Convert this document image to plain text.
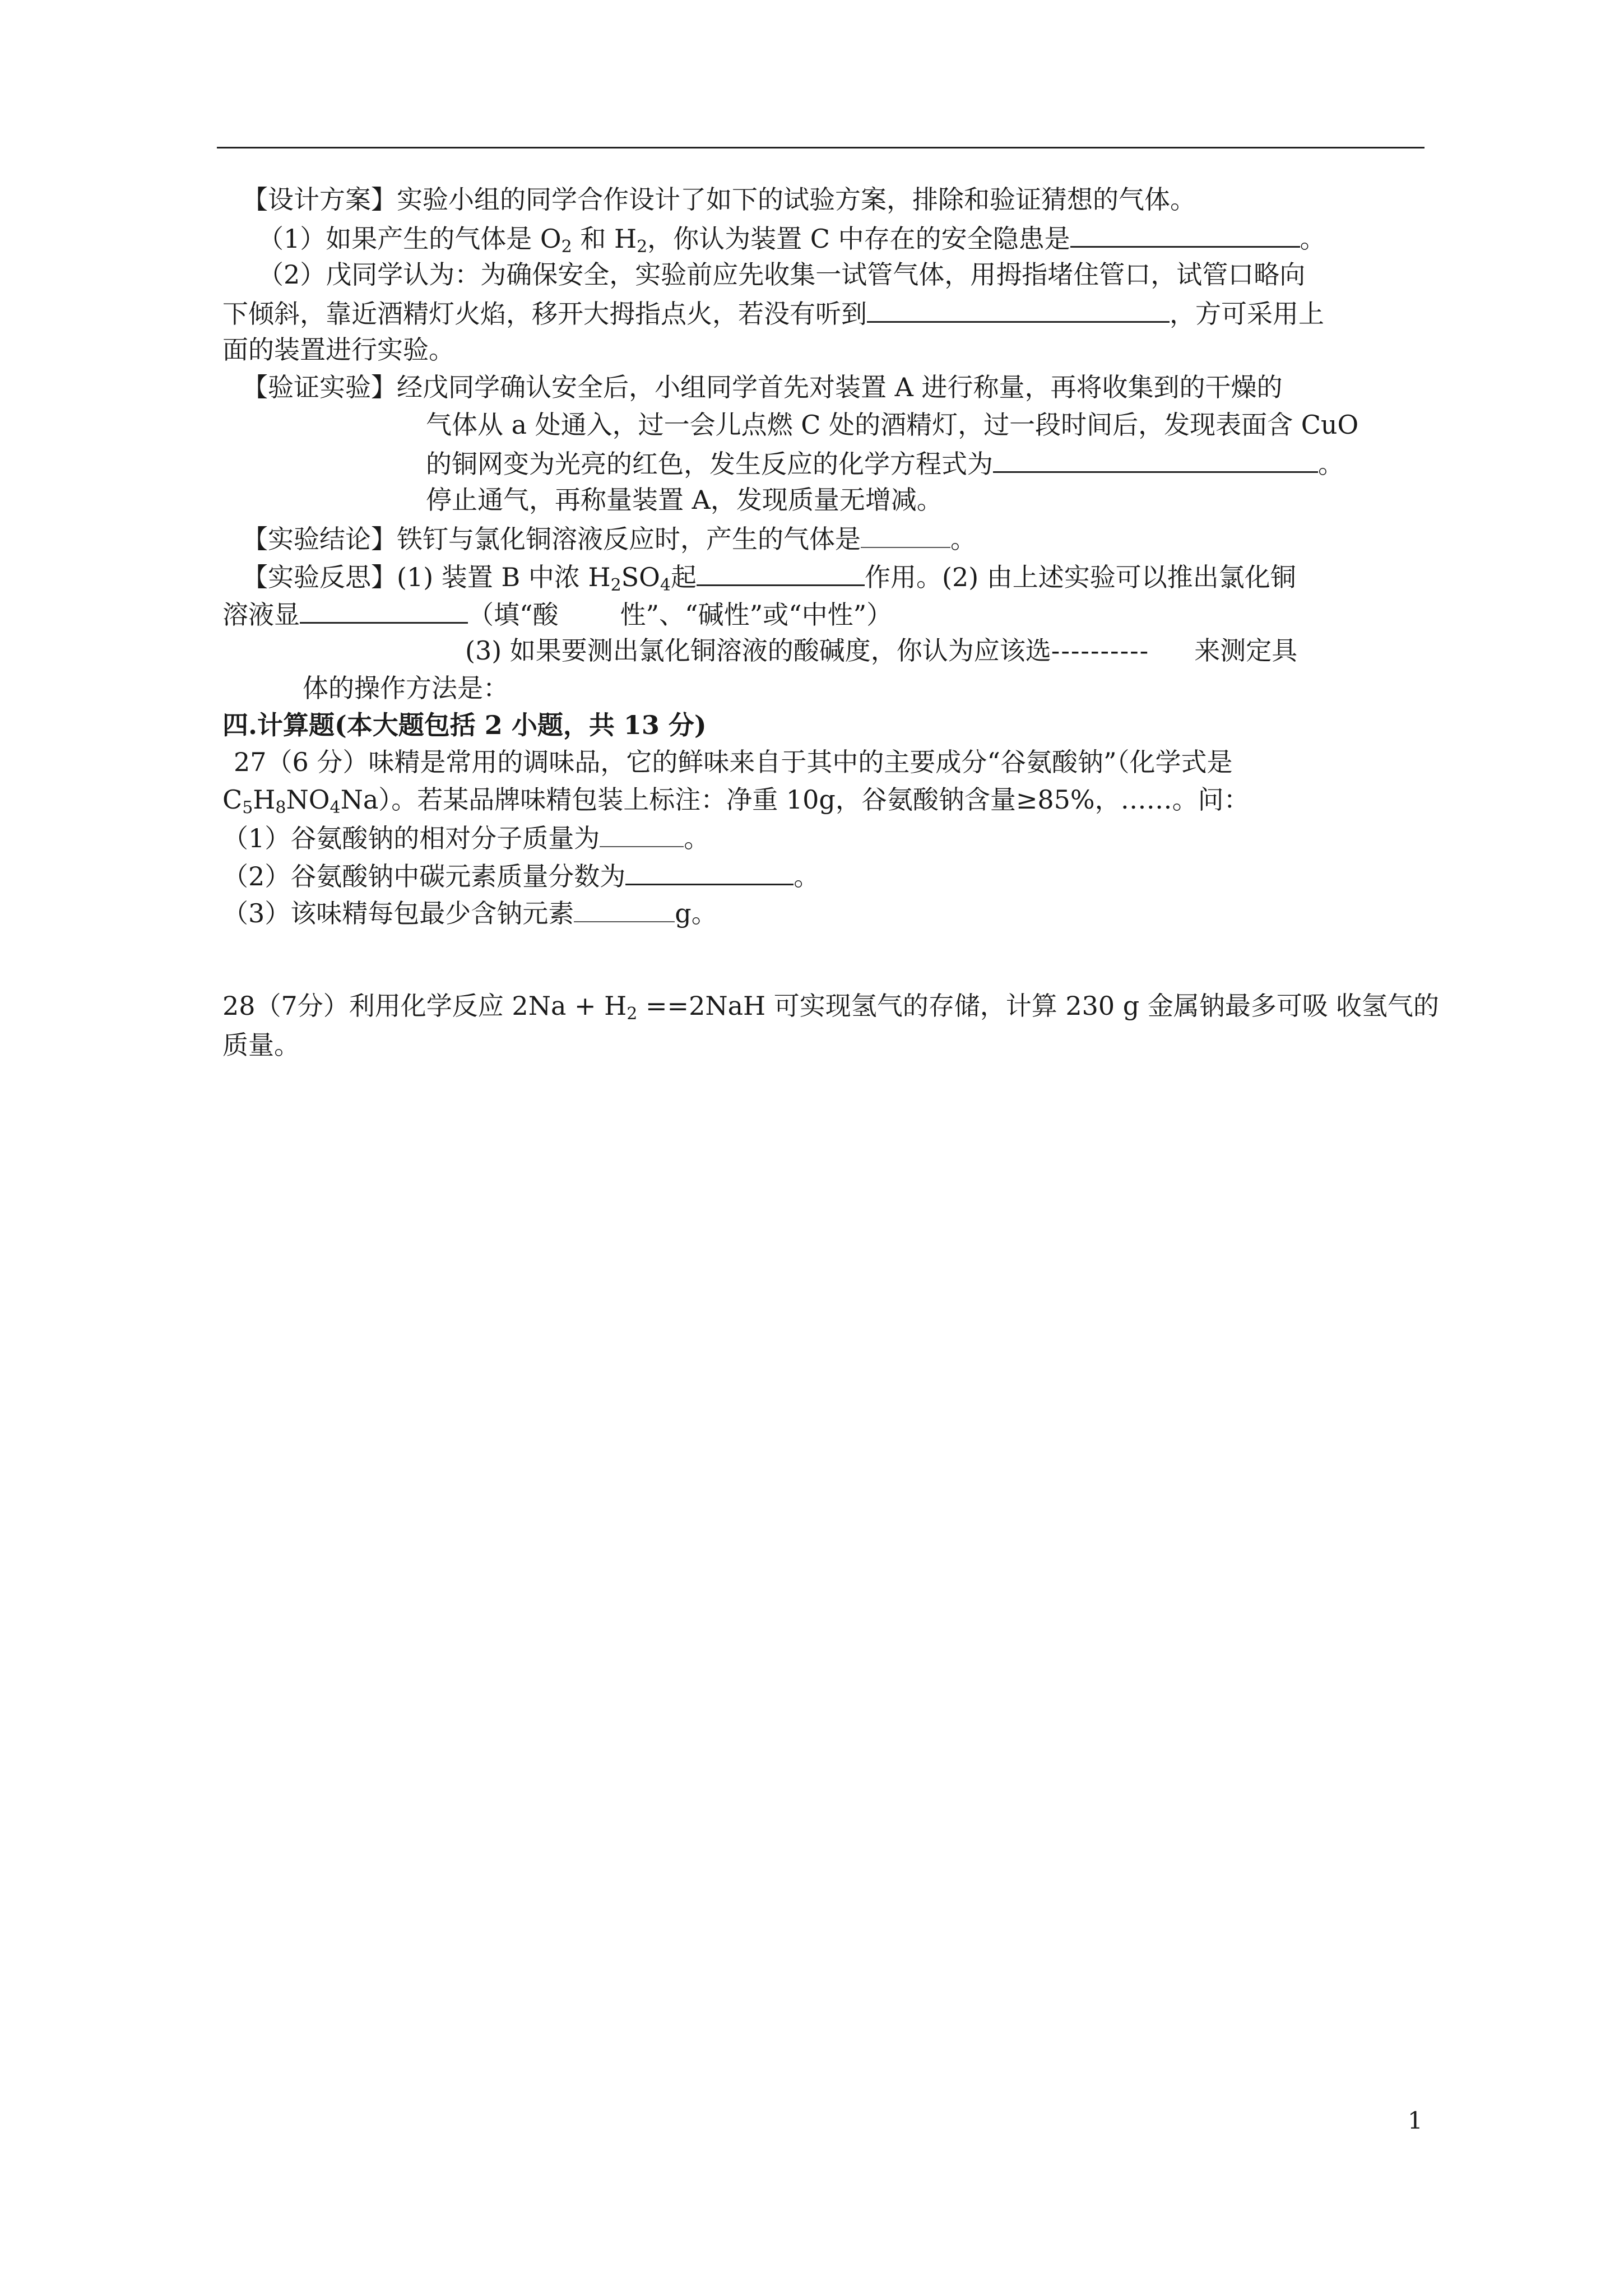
【设计方案】实验小组的同学合作设计了如下的试验方案，排除和验证猜想的气体。
（1）如果产生的气体是 $O_2$ 和 $H_2$，你认为装置 C 中存在的安全隐患是	。
（2）戊同学认为：为确保安全，实验前应先收集一试管气体，用拇指堵住管口，试管口略向
下倾斜，靠近酒精灯火焰，移开大拇指点火，若没有听到	，方可采用上
面的装置进行实验。
【验证实验】经戊同学确认安全后，小组同学首先对装置 A 进行称量，再将收集到的干燥的
气体从 a 处通入，过一会儿点燃 C 处的酒精灯，过一段时间后，发现表面含 CuO
的铜网变为光亮的红色，发生反应的化学方程式为	。
停止通气，再称量装置 A，发现质量无增减。
【实验结论】铁钉与氯化铜溶液反应时，产生的气体是	。
【实验反思】(1) 装置 B 中浓 $H_2SO_4$起	作用。(2) 由上述实验可以推出氯化铜
溶液显	（填“酸 性”、“碱性”或“中性”）
(3) 如果要测出氯化铜溶液的酸碱度，你认为应该选---------- 来测定具
体的操作方法是：
四.计算题(本大题包括 2 小题，共 13 分)
27（6 分）味精是常用的调味品，它的鲜味来自于其中的主要成分“谷氨酸钠”（化学式是
$C_5H_8NO_4Na$）。若某品牌味精包装上标注：净重 10g，谷氨酸钠含量≥85%，……。问：
（1）谷氨酸钠的相对分子质量为	。
（2）谷氨酸钠中碳元素质量分数为	。
（3）该味精每包最少含钠元素	g。
28（7分）利用化学反应 $2Na + H_2 ==2NaH$ 可实现氢气的存储，计算 230 g 金属钠最多可吸 收氢气的
质量。
1
